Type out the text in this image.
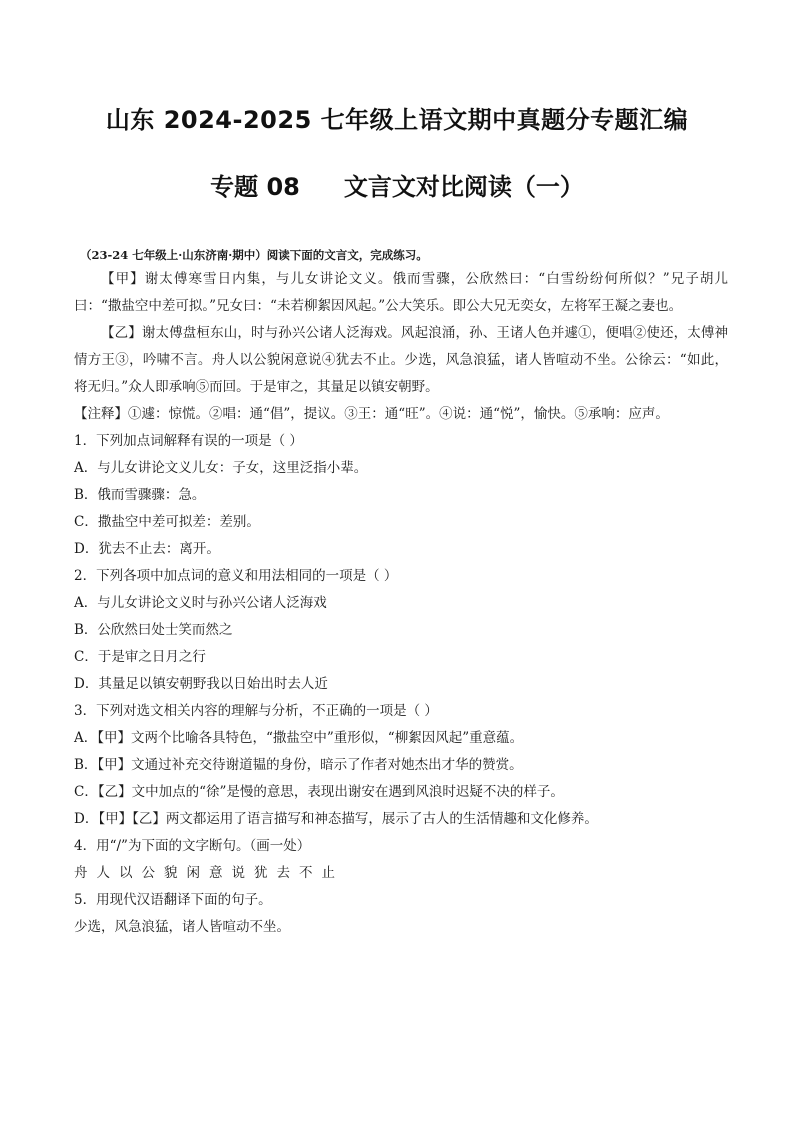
山东 2024-2025 七年级上语文期中真题分专题汇编
专题 08 文言文对比阅读（一）
（23-24 七年级上·山东济南·期中）阅读下面的文言文，完成练习。
【甲】谢太傅寒雪日内集，与儿女讲论文义。俄而雪骤，公欣然曰：“白雪纷纷何所似？”兄子胡儿曰：“撒盐空中差可拟。”兄女曰：“未若柳絮因风起。”公大笑乐。即公大兄无奕女，左将军王凝之妻也。
【乙】谢太傅盘桓东山，时与孙兴公诸人泛海戏。风起浪涌，孙、王诸人色并遽①，便唱②使还，太傅神情方王③，吟啸不言。舟人以公貌闲意说④犹去不止。少选，风急浪猛，诸人皆喧动不坐。公徐云：“如此，将无归。”众人即承响⑤而回。于是审之，其量足以镇安朝野。
【注释】①遽：惊慌。②唱：通“倡”，提议。③王：通“旺”。④说：通“悦”，愉快。⑤承响：应声。
1．下列加点词解释有误的一项是（ ）
A．与儿女讲论文义儿女：子女，这里泛指小辈。
B．俄而雪骤骤：急。
C．撒盐空中差可拟差：差别。
D．犹去不止去：离开。
2．下列各项中加点词的意义和用法相同的一项是（ ）
A．与儿女讲论文义时与孙兴公诸人泛海戏
B．公欣然曰处士笑而然之
C．于是审之日月之行
D．其量足以镇安朝野我以日始出时去人近
3．下列对选文相关内容的理解与分析，不正确的一项是（ ）
A．【甲】文两个比喻各具特色，“撒盐空中”重形似，“柳絮因风起”重意蕴。
B．【甲】文通过补充交待谢道韫的身份，暗示了作者对她杰出才华的赞赏。
C．【乙】文中加点的“徐”是慢的意思，表现出谢安在遇到风浪时迟疑不决的样子。
D．【甲】【乙】两文都运用了语言描写和神态描写，展示了古人的生活情趣和文化修养。
4．用“/”为下面的文字断句。（画一处）
舟人以公貌闲意说犹去不止
5．用现代汉语翻译下面的句子。
少选，风急浪猛，诸人皆喧动不坐。
